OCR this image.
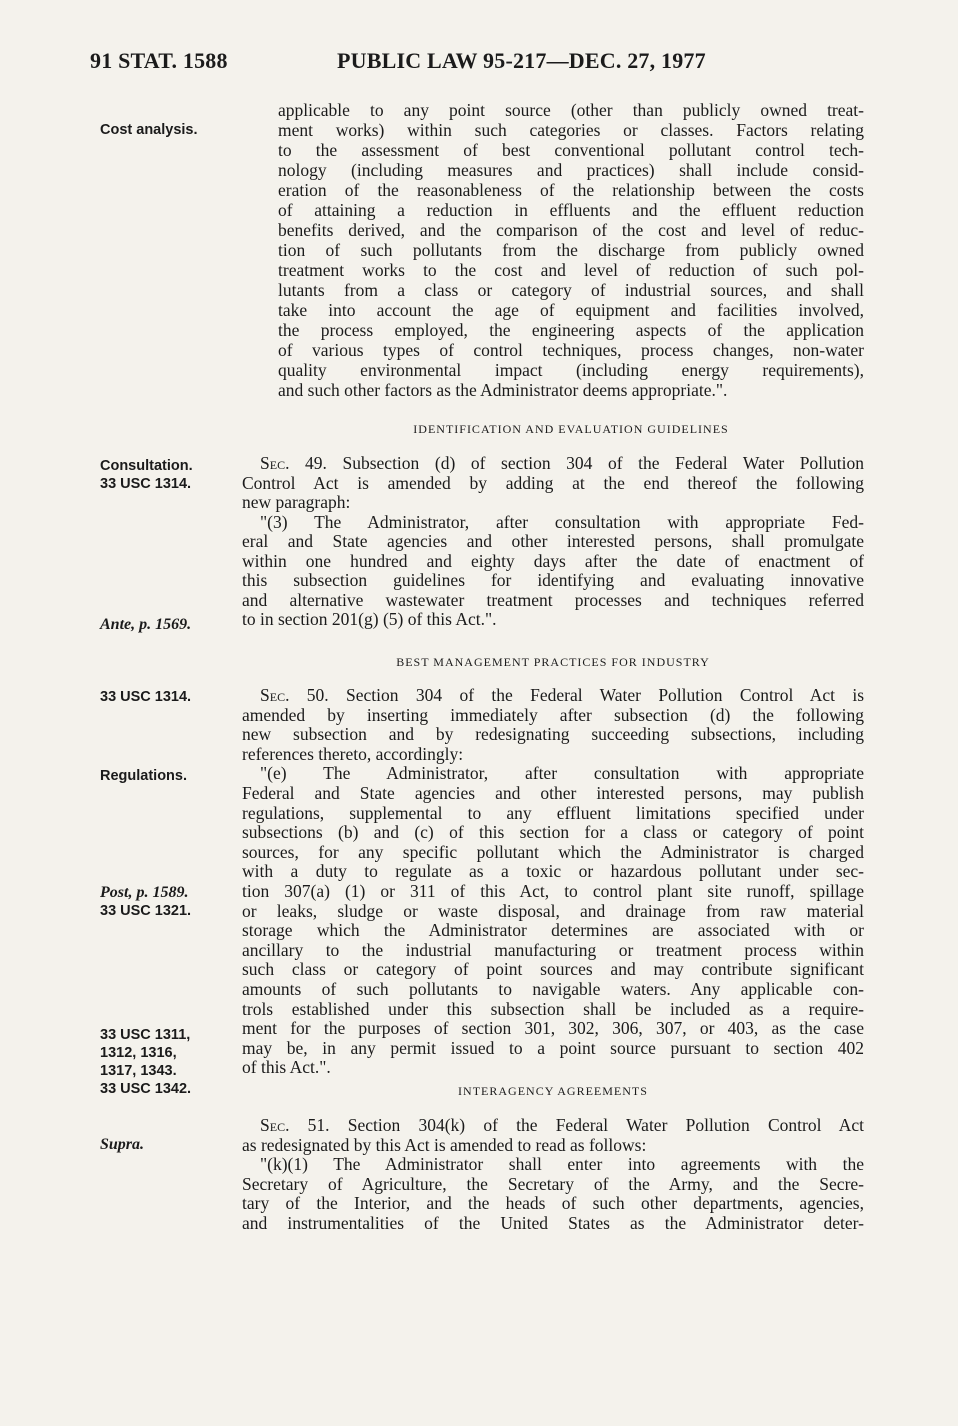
91 STAT. 1588	PUBLIC LAW 95-217—DEC. 27, 1977
Cost analysis.
Consultation.
33 USC 1314.
Ante, p. 1569.
33 USC 1314.
Regulations.
Post, p. 1589.
33 USC 1321.
33 USC 1311,
1312, 1316,
1317, 1343.
33 USC 1342.
Supra.
applicable to any point source (other than publicly owned treat-
ment works) within such categories or classes. Factors relating
to the assessment of best conventional pollutant control tech-
nology (including measures and practices) shall include consid-
eration of the reasonableness of the relationship between the costs
of attaining a reduction in effluents and the effluent reduction
benefits derived, and the comparison of the cost and level of reduc-
tion of such pollutants from the discharge from publicly owned
treatment works to the cost and level of reduction of such pol-
lutants from a class or category of industrial sources, and shall
take into account the age of equipment and facilities involved,
the process employed, the engineering aspects of the application
of various types of control techniques, process changes, non-water
quality environmental impact (including energy requirements),
and such other factors as the Administrator deems appropriate.".
IDENTIFICATION AND EVALUATION GUIDELINES
Sec. 49. Subsection (d) of section 304 of the Federal Water Pollution
Control Act is amended by adding at the end thereof the following
new paragraph:
"(3) The Administrator, after consultation with appropriate Fed-
eral and State agencies and other interested persons, shall promulgate
within one hundred and eighty days after the date of enactment of
this subsection guidelines for identifying and evaluating innovative
and alternative wastewater treatment processes and techniques referred
to in section 201(g) (5) of this Act.".
BEST MANAGEMENT PRACTICES FOR INDUSTRY
Sec. 50. Section 304 of the Federal Water Pollution Control Act is
amended by inserting immediately after subsection (d) the following
new subsection and by redesignating succeeding subsections, including
references thereto, accordingly:
"(e) The Administrator, after consultation with appropriate
Federal and State agencies and other interested persons, may publish
regulations, supplemental to any effluent limitations specified under
subsections (b) and (c) of this section for a class or category of point
sources, for any specific pollutant which the Administrator is charged
with a duty to regulate as a toxic or hazardous pollutant under sec-
tion 307(a) (1) or 311 of this Act, to control plant site runoff, spillage
or leaks, sludge or waste disposal, and drainage from raw material
storage which the Administrator determines are associated with or
ancillary to the industrial manufacturing or treatment process within
such class or category of point sources and may contribute significant
amounts of such pollutants to navigable waters. Any applicable con-
trols established under this subsection shall be included as a require-
ment for the purposes of section 301, 302, 306, 307, or 403, as the case
may be, in any permit issued to a point source pursuant to section 402
of this Act.".
INTERAGENCY AGREEMENTS
Sec. 51. Section 304(k) of the Federal Water Pollution Control Act
as redesignated by this Act is amended to read as follows:
"(k)(1) The Administrator shall enter into agreements with the
Secretary of Agriculture, the Secretary of the Army, and the Secre-
tary of the Interior, and the heads of such other departments, agencies,
and instrumentalities of the United States as the Administrator deter-
